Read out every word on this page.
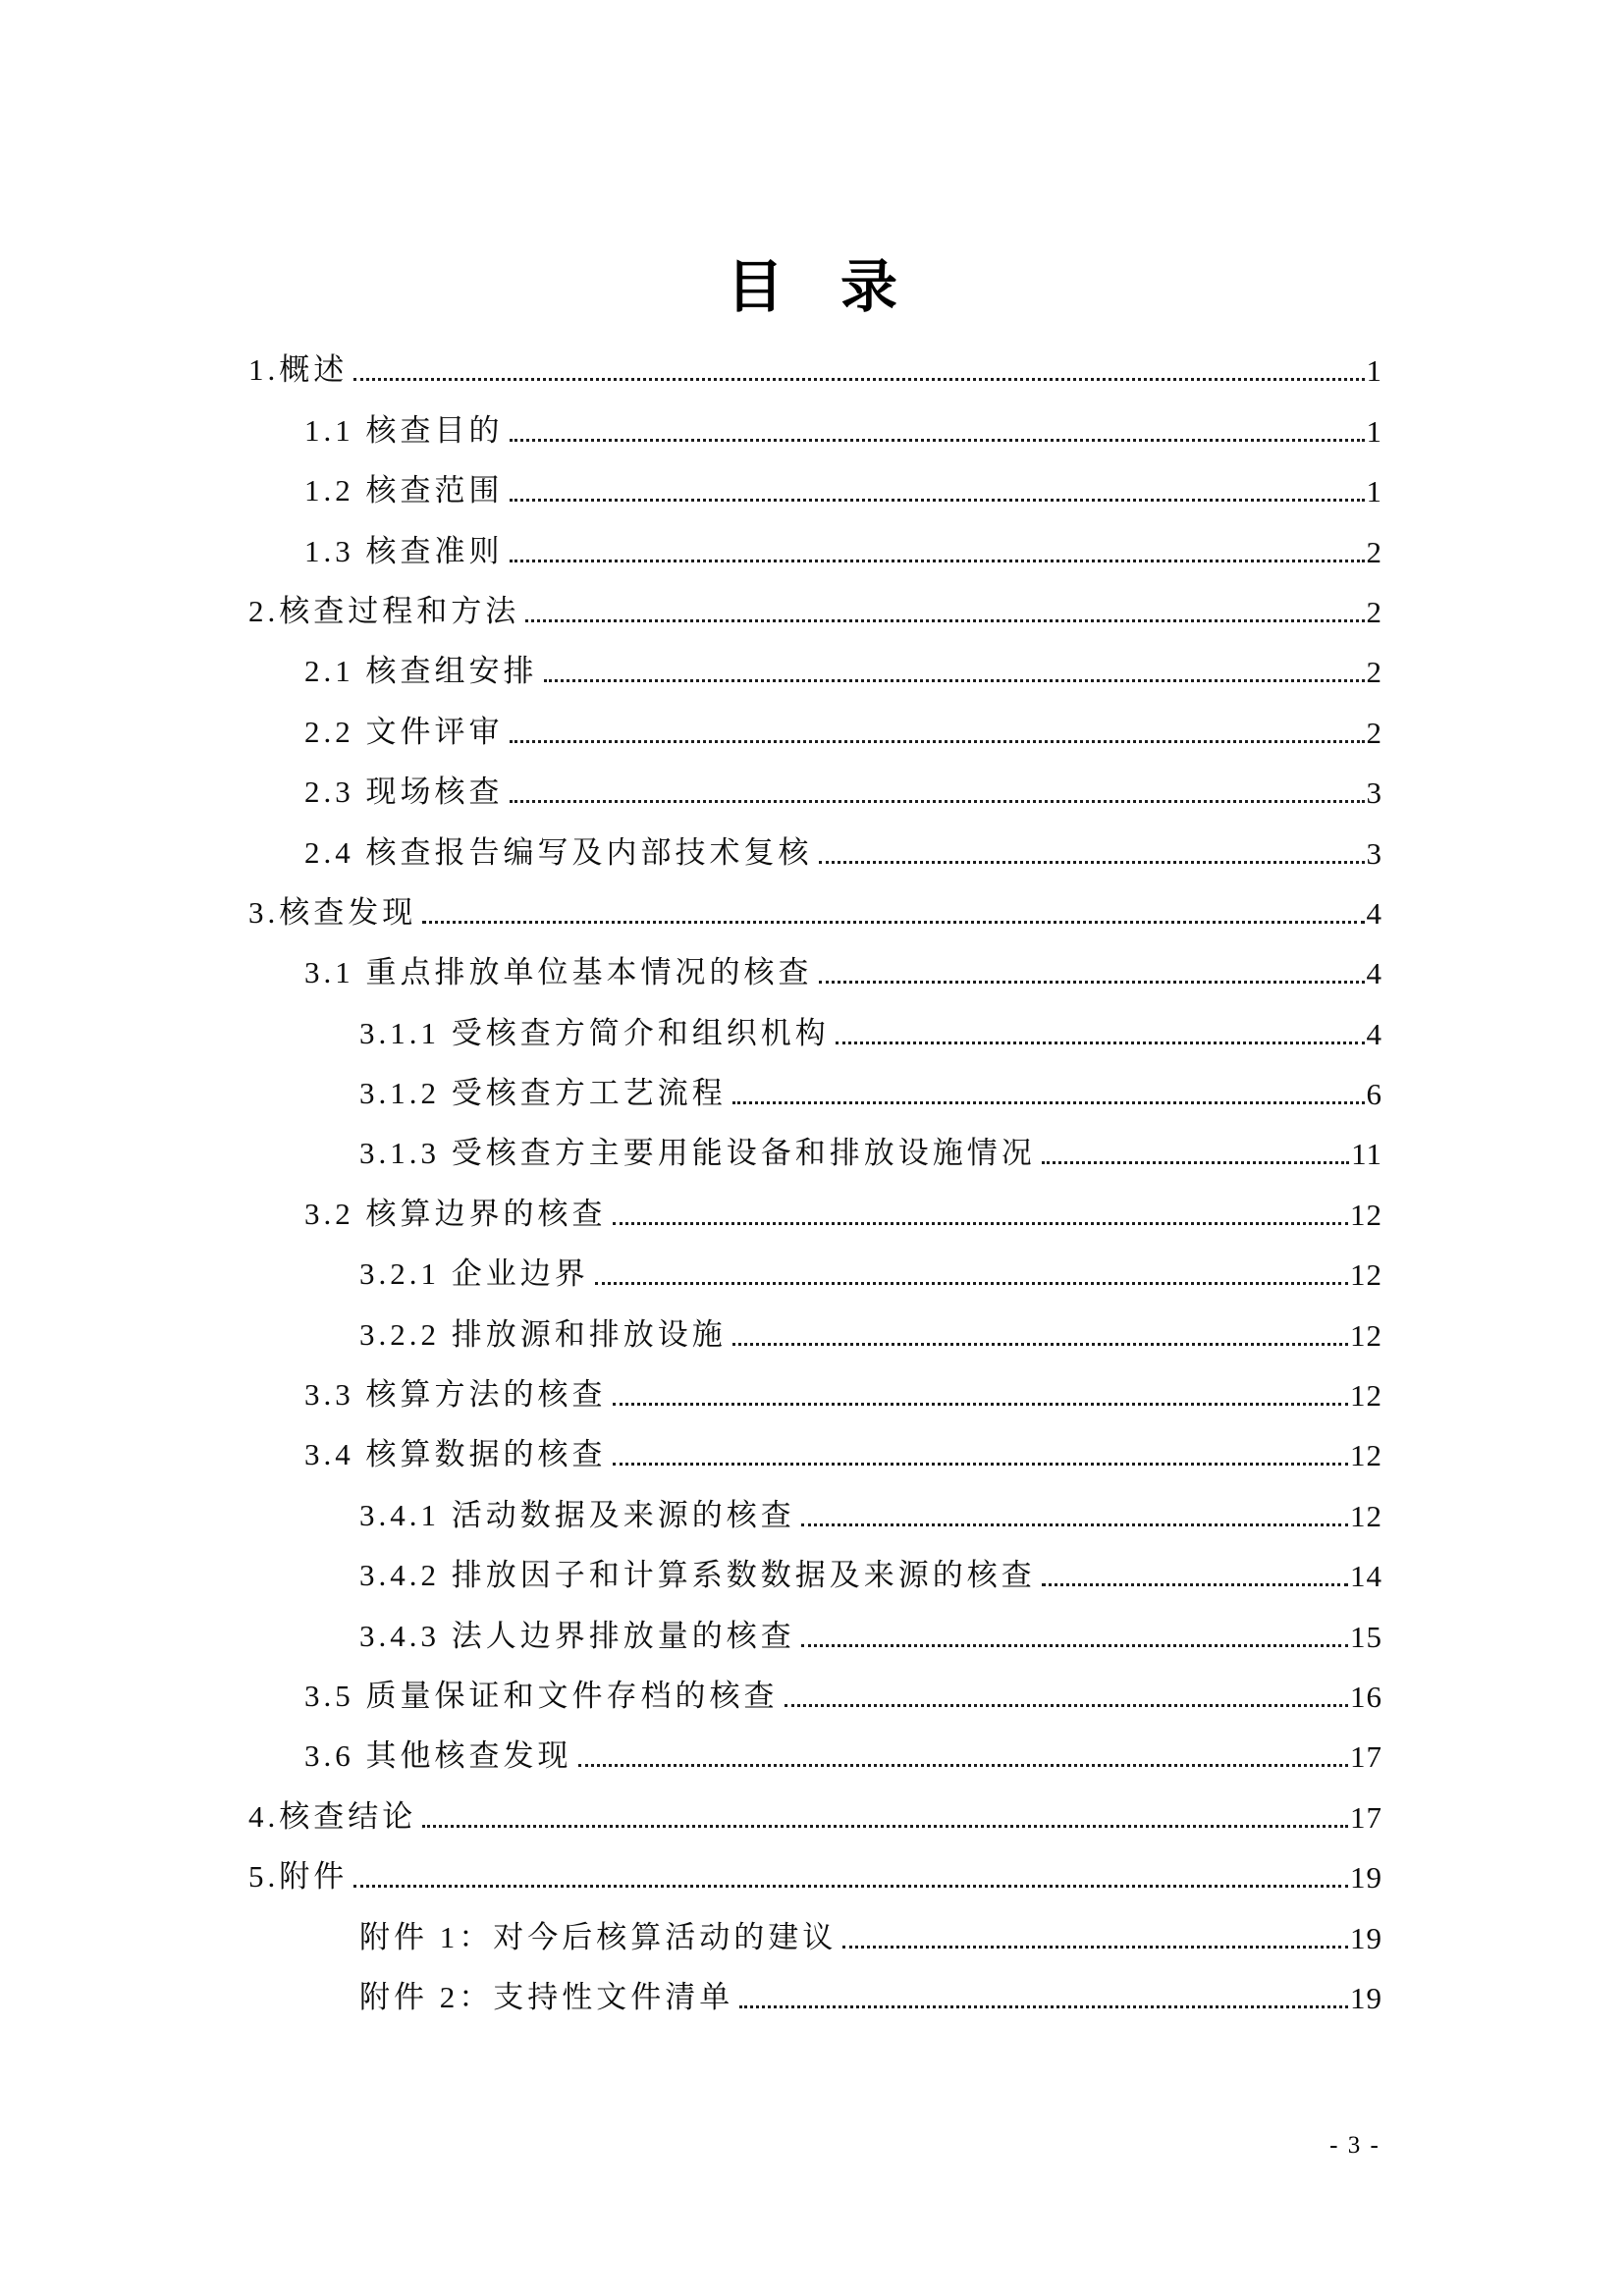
目　录
1.概述	1
1.1 核查目的	1
1.2 核查范围	1
1.3 核查准则	2
2.核查过程和方法	2
2.1 核查组安排	2
2.2 文件评审	2
2.3 现场核查	3
2.4 核查报告编写及内部技术复核	3
3.核查发现	4
3.1 重点排放单位基本情况的核查	4
3.1.1 受核查方简介和组织机构	4
3.1.2 受核查方工艺流程	6
3.1.3 受核查方主要用能设备和排放设施情况	11
3.2 核算边界的核查	12
3.2.1 企业边界	12
3.2.2 排放源和排放设施	12
3.3 核算方法的核查	12
3.4 核算数据的核查	12
3.4.1 活动数据及来源的核查	12
3.4.2 排放因子和计算系数数据及来源的核查	14
3.4.3 法人边界排放量的核查	15
3.5 质量保证和文件存档的核查	16
3.6 其他核查发现	17
4.核查结论	17
5.附件	19
附件 1：对今后核算活动的建议	19
附件 2：支持性文件清单	19
- 3 -
